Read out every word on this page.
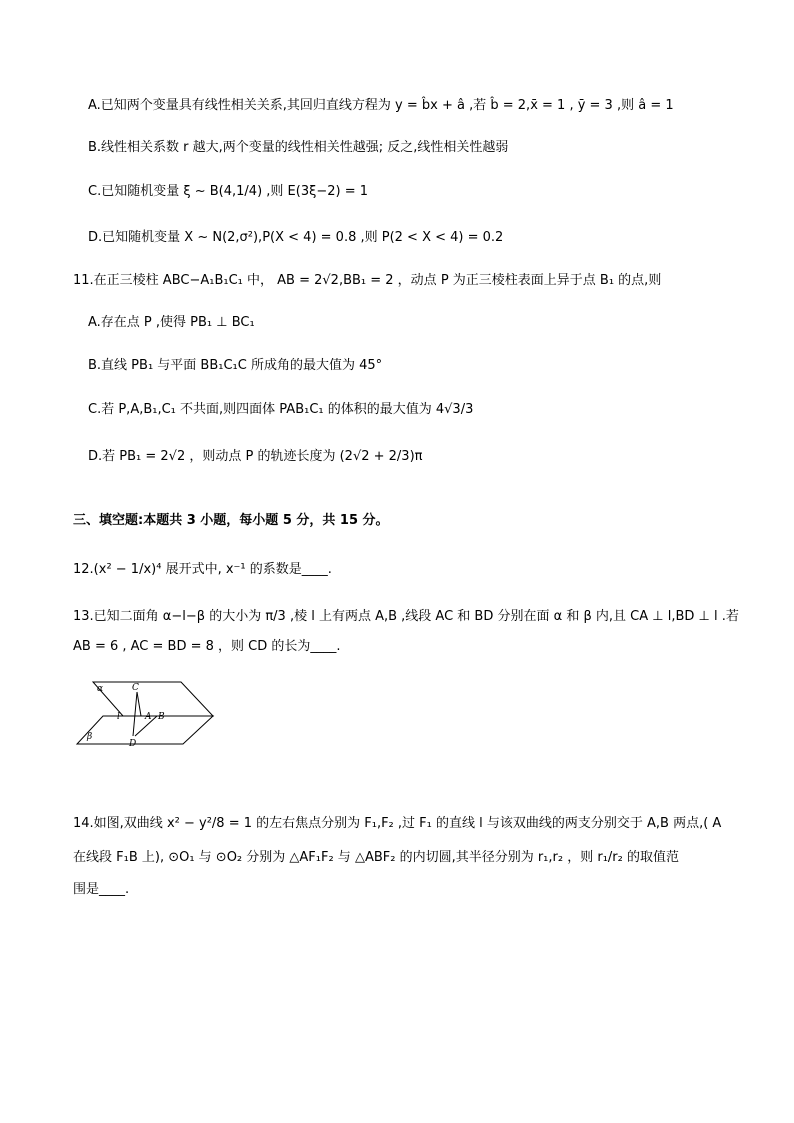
A.已知两个变量具有线性相关关系,其回归直线方程为 y = b̂x + â ,若 b̂ = 2,x̄ = 1 , ȳ = 3 ,则 â = 1
B.线性相关系数 r 越大,两个变量的线性相关性越强; 反之,线性相关性越弱
C.已知随机变量 ξ ~ B(4,1/4) ,则 E(3ξ−2) = 1
D.已知随机变量 X ~ N(2,σ²),P(X < 4) = 0.8 ,则 P(2 < X < 4) = 0.2
11.在正三棱柱 ABC−A₁B₁C₁ 中， AB = 2√2,BB₁ = 2 ，动点 P 为正三棱柱表面上异于点 B₁ 的点,则
A.存在点 P ,使得 PB₁ ⊥ BC₁
B.直线 PB₁ 与平面 BB₁C₁C 所成角的最大值为 45°
C.若 P,A,B₁,C₁ 不共面,则四面体 PAB₁C₁ 的体积的最大值为 4√3/3
D.若 PB₁ = 2√2 ，则动点 P 的轨迹长度为 (2√2 + 2/3)π
三、填空题:本题共 3 小题，每小题 5 分，共 15 分。
12.(x² − 1/x)⁴ 展开式中, x⁻¹ 的系数是____.
13.已知二面角 α−l−β 的大小为 π/3 ,棱 l 上有两点 A,B ,线段 AC 和 BD 分别在面 α 和 β 内,且 CA ⊥ l,BD ⊥ l .若
AB = 6 , AC = BD = 8 ，则 CD 的长为____.
α
β
C
l	A B
D
14.如图,双曲线 x² − y²/8 = 1 的左右焦点分别为 F₁,F₂ ,过 F₁ 的直线 l 与该双曲线的两支分别交于 A,B 两点,( A
在线段 F₁B 上), ⊙O₁ 与 ⊙O₂ 分别为 △AF₁F₂ 与 △ABF₂ 的内切圆,其半径分别为 r₁,r₂ ，则 r₁/r₂ 的取值范
围是____.
